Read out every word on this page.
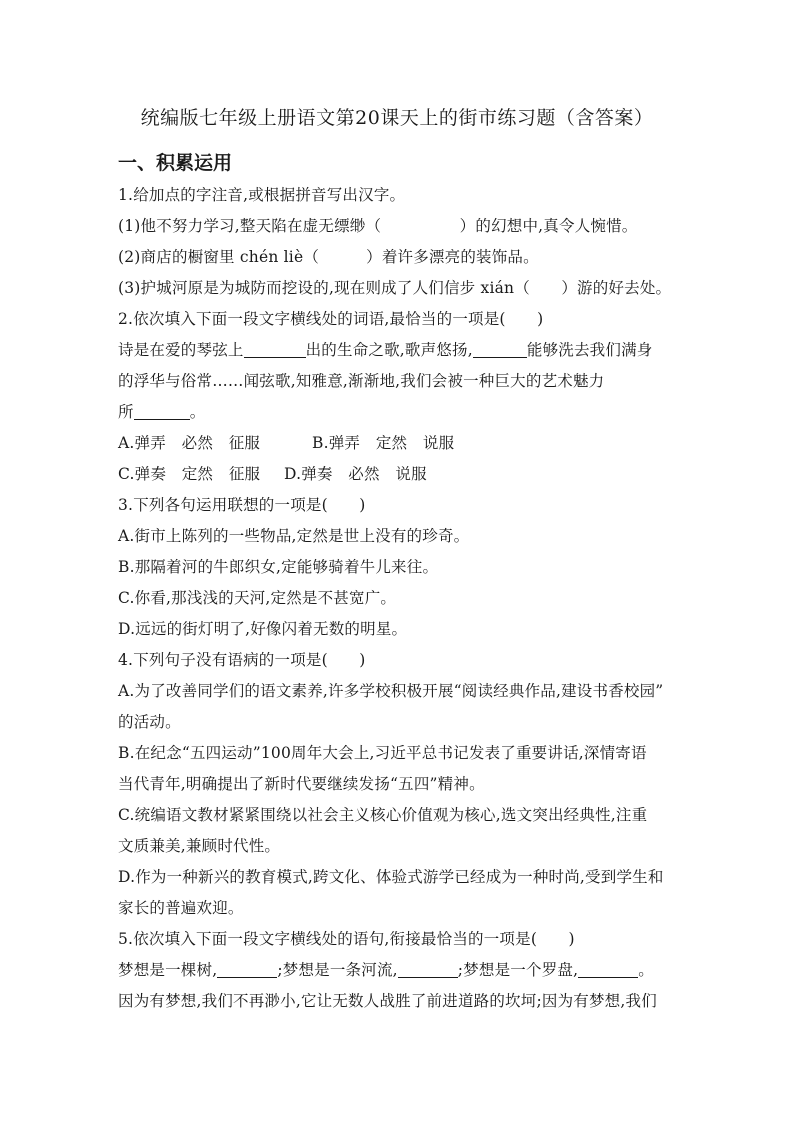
统编版七年级上册语文第20课天上的街市练习题（含答案）
一、积累运用
1.给加点的字注音,或根据拼音写出汉字。
(1)他不努力学习,整天陷在虚无缥缈（　　　　　）的幻想中,真令人惋惜。
(2)商店的橱窗里 chén liè（　　　）着许多漂亮的装饰品。
(3)护城河原是为城防而挖设的,现在则成了人们信步 xián（　　）游的好去处。
2.依次填入下面一段文字横线处的词语,最恰当的一项是(　　)
诗是在爱的琴弦上	出的生命之歌,歌声悠扬,	能够洗去我们满身
的浮华与俗常……闻弦歌,知雅意,渐渐地,我们会被一种巨大的艺术魅力
所	。
A.弹弄　必然　征服	B.弹弄　定然　说服
C.弹奏　定然　征服 D.弹奏　必然　说服
3.下列各句运用联想的一项是(　　)
A.街市上陈列的一些物品,定然是世上没有的珍奇。
B.那隔着河的牛郎织女,定能够骑着牛儿来往。
C.你看,那浅浅的天河,定然是不甚宽广。
D.远远的街灯明了,好像闪着无数的明星。
4.下列句子没有语病的一项是(　　)
A.为了改善同学们的语文素养,许多学校积极开展“阅读经典作品,建设书香校园”
的活动。
B.在纪念“五四运动”100周年大会上,习近平总书记发表了重要讲话,深情寄语
当代青年,明确提出了新时代要继续发扬“五四”精神。
C.统编语文教材紧紧围绕以社会主义核心价值观为核心,选文突出经典性,注重
文质兼美,兼顾时代性。
D.作为一种新兴的教育模式,跨文化、体验式游学已经成为一种时尚,受到学生和
家长的普遍欢迎。
5.依次填入下面一段文字横线处的语句,衔接最恰当的一项是(　　)
梦想是一棵树,	;梦想是一条河流,	;梦想是一个罗盘,	。
因为有梦想,我们不再渺小,它让无数人战胜了前进道路的坎坷;因为有梦想,我们
